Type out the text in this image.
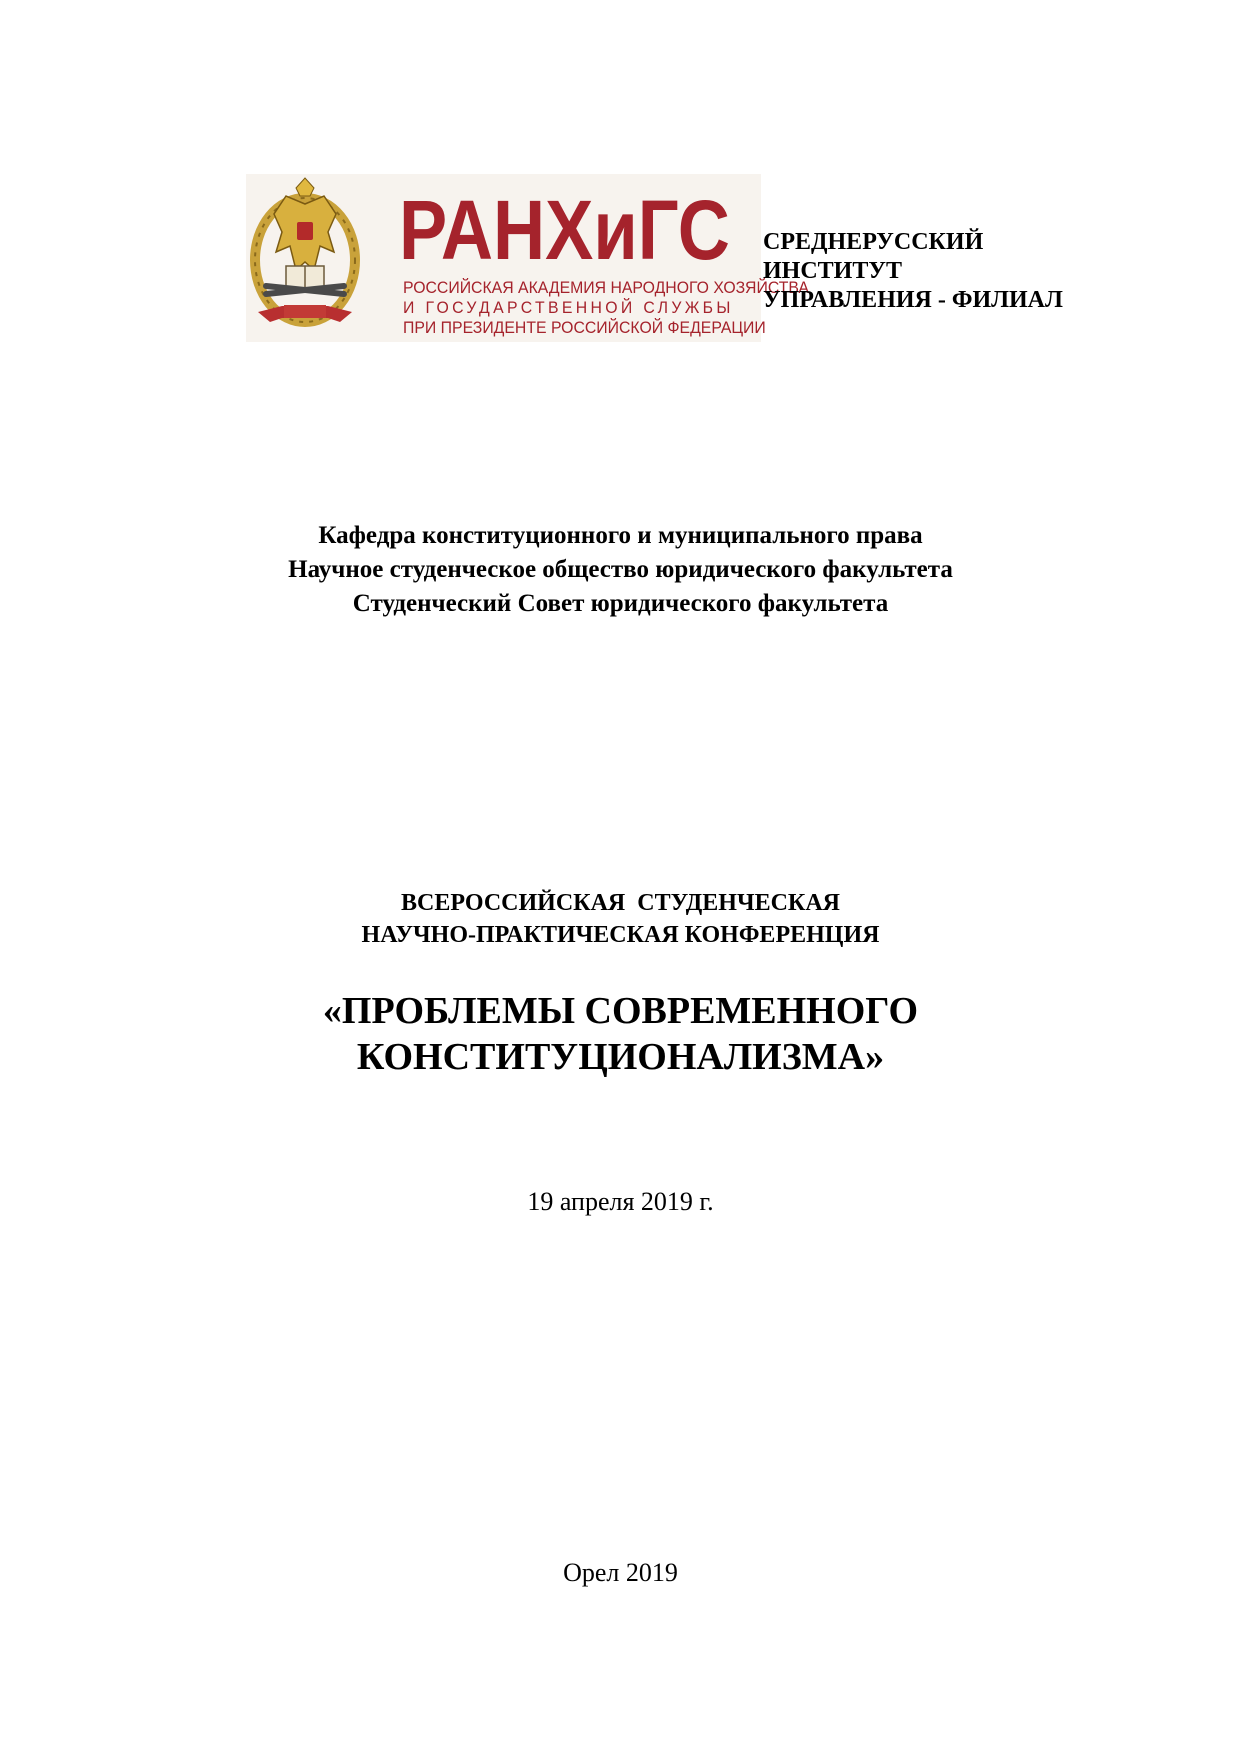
РАНХиГС
РОССИЙСКАЯ АКАДЕМИЯ НАРОДНОГО ХОЗЯЙСТВА
И ГОСУДАРСТВЕННОЙ СЛУЖБЫ
ПРИ ПРЕЗИДЕНТЕ РОССИЙСКОЙ ФЕДЕРАЦИИ
СРЕДНЕРУССКИЙ
ИНСТИТУТ
УПРАВЛЕНИЯ - ФИЛИАЛ
Кафедра конституционного и муниципального права
Научное студенческое общество юридического факультета
Студенческий Совет юридического факультета
ВСЕРОССИЙСКАЯ  СТУДЕНЧЕСКАЯ
НАУЧНО-ПРАКТИЧЕСКАЯ КОНФЕРЕНЦИЯ
«ПРОБЛЕМЫ СОВРЕМЕННОГО
КОНСТИТУЦИОНАЛИЗМА»
19 апреля 2019 г.
Орел 2019
